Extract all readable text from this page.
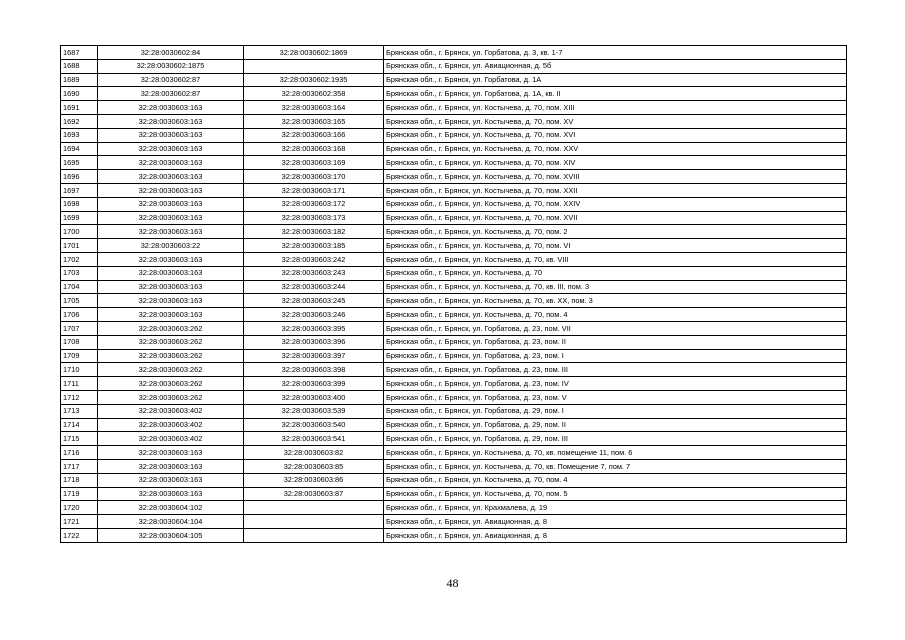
1687	32:28:0030602:84	32:28:0030602:1869	Брянская обл., г. Брянск, ул. Горбатова, д. 3, кв. 1-7
1688	32:28:0030602:1875		Брянская обл., г. Брянск, ул. Авиационная, д. 5б
1689	32:28:0030602:87	32:28:0030602:1935	Брянская обл., г. Брянск, ул. Горбатова, д. 1А
1690	32:28:0030602:87	32:28:0030602:358	Брянская обл., г. Брянск, ул. Горбатова, д. 1А, кв. II
1691	32:28:0030603:163	32:28:0030603:164	Брянская обл., г. Брянск, ул. Костычева, д. 70, пом. XIII
1692	32:28:0030603:163	32:28:0030603:165	Брянская обл., г. Брянск, ул. Костычева, д. 70, пом. XV
1693	32:28:0030603:163	32:28:0030603:166	Брянская обл., г. Брянск, ул. Костычева, д. 70, пом. XVI
1694	32:28:0030603:163	32:28:0030603:168	Брянская обл., г. Брянск, ул. Костычева, д. 70, пом. XXV
1695	32:28:0030603:163	32:28:0030603:169	Брянская обл., г. Брянск, ул. Костычева, д. 70, пом. XIV
1696	32:28:0030603:163	32:28:0030603:170	Брянская обл., г. Брянск, ул. Костычева, д. 70, пом. XVIII
1697	32:28:0030603:163	32:28:0030603:171	Брянская обл., г. Брянск, ул. Костычева, д. 70, пом. XXII
1698	32:28:0030603:163	32:28:0030603:172	Брянская обл., г. Брянск, ул. Костычева, д. 70, пом. XXIV
1699	32:28:0030603:163	32:28:0030603:173	Брянская обл., г. Брянск, ул. Костычева, д. 70, пом. XVII
1700	32:28:0030603:163	32:28:0030603:182	Брянская обл., г. Брянск, ул. Костычева, д. 70, пом. 2
1701	32:28:0030603:22	32:28:0030603:185	Брянская обл., г. Брянск, ул. Костычева, д. 70, пом. VI
1702	32:28:0030603:163	32:28:0030603:242	Брянская обл., г. Брянск, ул. Костычева, д. 70, кв. VIII
1703	32:28:0030603:163	32:28:0030603:243	Брянская обл., г. Брянск, ул. Костычева, д. 70
1704	32:28:0030603:163	32:28:0030603:244	Брянская обл., г. Брянск, ул. Костычева, д. 70, кв. III, пом. 3
1705	32:28:0030603:163	32:28:0030603:245	Брянская обл., г. Брянск, ул. Костычева, д. 70, кв. XX, пом. 3
1706	32:28:0030603:163	32:28:0030603:246	Брянская обл., г. Брянск, ул. Костычева, д. 70, пом. 4
1707	32:28:0030603:262	32:28:0030603:395	Брянская обл., г. Брянск, ул. Горбатова, д. 23, пом. VII
1708	32:28:0030603:262	32:28:0030603:396	Брянская обл., г. Брянск, ул. Горбатова, д. 23, пом. II
1709	32:28:0030603:262	32:28:0030603:397	Брянская обл., г. Брянск, ул. Горбатова, д. 23, пом. I
1710	32:28:0030603:262	32:28:0030603:398	Брянская обл., г. Брянск, ул. Горбатова, д. 23, пом. III
1711	32:28:0030603:262	32:28:0030603:399	Брянская обл., г. Брянск, ул. Горбатова, д. 23, пом. IV
1712	32:28:0030603:262	32:28:0030603:400	Брянская обл., г. Брянск, ул. Горбатова, д. 23, пом. V
1713	32:28:0030603:402	32:28:0030603:539	Брянская обл., г. Брянск, ул. Горбатова, д. 29, пом. I
1714	32:28:0030603:402	32:28:0030603:540	Брянская обл., г. Брянск, ул. Горбатова, д. 29, пом. II
1715	32:28:0030603:402	32:28:0030603:541	Брянская обл., г. Брянск, ул. Горбатова, д. 29, пом. III
1716	32:28:0030603:163	32:28:0030603:82	Брянская обл., г. Брянск, ул. Костычева, д. 70, кв. помещение 11, пом. 6
1717	32:28:0030603:163	32:28:0030603:85	Брянская обл., г. Брянск, ул. Костычева, д. 70, кв. Помещение 7, пом. 7
1718	32:28:0030603:163	32:28:0030603:86	Брянская обл., г. Брянск, ул. Костычева, д. 70, пом. 4
1719	32:28:0030603:163	32:28:0030603:87	Брянская обл., г. Брянск, ул. Костычева, д. 70, пом. 5
1720	32:28:0030604:102		Брянская обл., г. Брянск, ул. Крахмалева, д. 19
1721	32:28:0030604:104		Брянская обл., г. Брянск, ул. Авиационная, д. 8
1722	32:28:0030604:105		Брянская обл., г. Брянск, ул. Авиационная, д. 8
48
